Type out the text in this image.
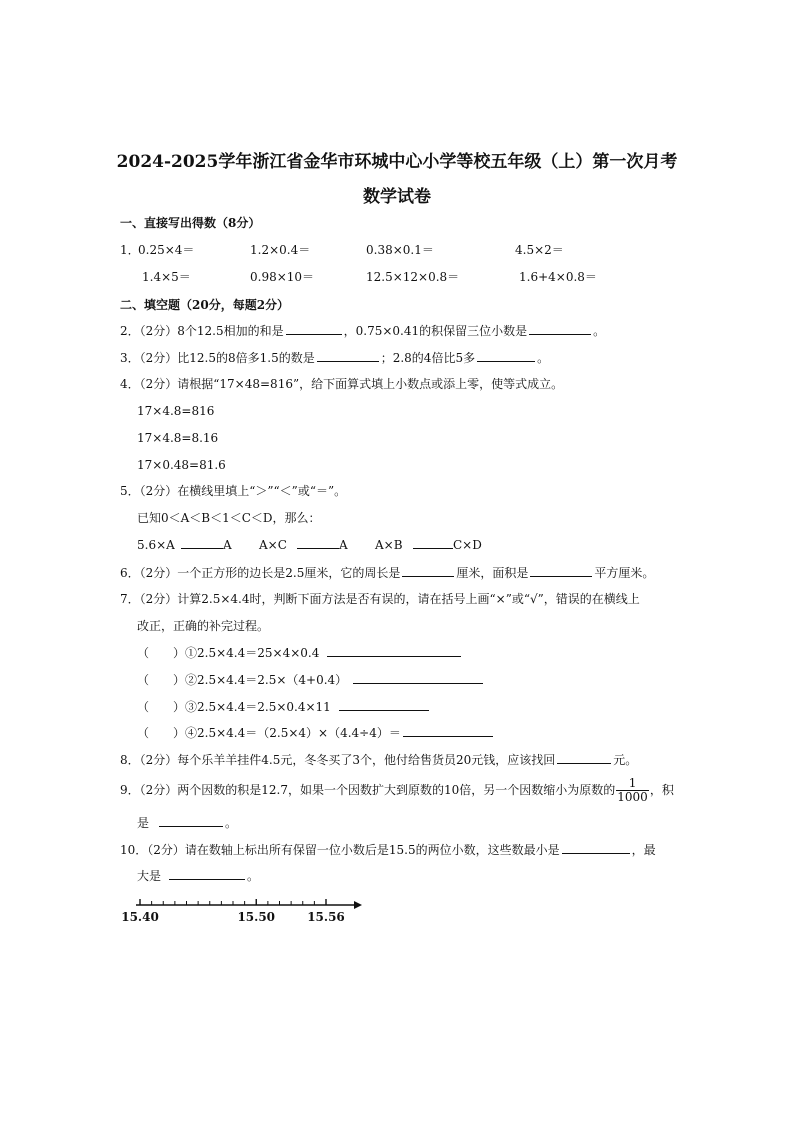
2024-2025学年浙江省金华市环城中心小学等校五年级（上）第一次月考
数学试卷
一、直接写出得数（8分）
1．
0.25×4＝	1.2×0.4＝	0.38×0.1＝	4.5×2＝
1.4×5＝	0.98×10＝	12.5×12×0.8＝	1.6+4×0.8＝
二、填空题（20分，每题2分）
2．（2分）8个12.5相加的和是	，0.75×0.41的积保留三位小数是	。
3．（2分）比12.5的8倍多1.5的数是	；2.8的4倍比5多	。
4．（2分）请根据“17×48=816”，给下面算式填上小数点或添上零，使等式成立。
17×4.8=816
17×4.8=8.16
17×0.48=81.6
5．（2分）在横线里填上“＞”“＜”或“＝”。
已知0＜A＜B＜1＜C＜D，那么：
5.6×A	A A×C	A A×B	C×D
6．（2分）一个正方形的边长是2.5厘米，它的周长是	厘米，面积是	平方厘米。
7．（2分）计算2.5×4.4时，判断下面方法是否有误的，请在括号上画“×”或“√”，错误的在横线上
改正，正确的补完过程。
（　　）①2.5×4.4＝25×4×0.4
（　　）②2.5×4.4＝2.5×（4+0.4）
（　　）③2.5×4.4＝2.5×0.4×11
（　　）④2.5×4.4＝（2.5×4）×（4.4÷4）＝
8．（2分）每个乐羊羊挂件4.5元，冬冬买了3个，他付给售货员20元钱，应该找回	元。
9．（2分）两个因数的积是12.7，如果一个因数扩大到原数的10倍，另一个因数缩小为原数的 $\frac{1}{1000}$ ，积
是	。
10．（2分）请在数轴上标出所有保留一位小数后是15.5的两位小数，这些数最小是	，最
大是	。
15.40	15.50	15.56
